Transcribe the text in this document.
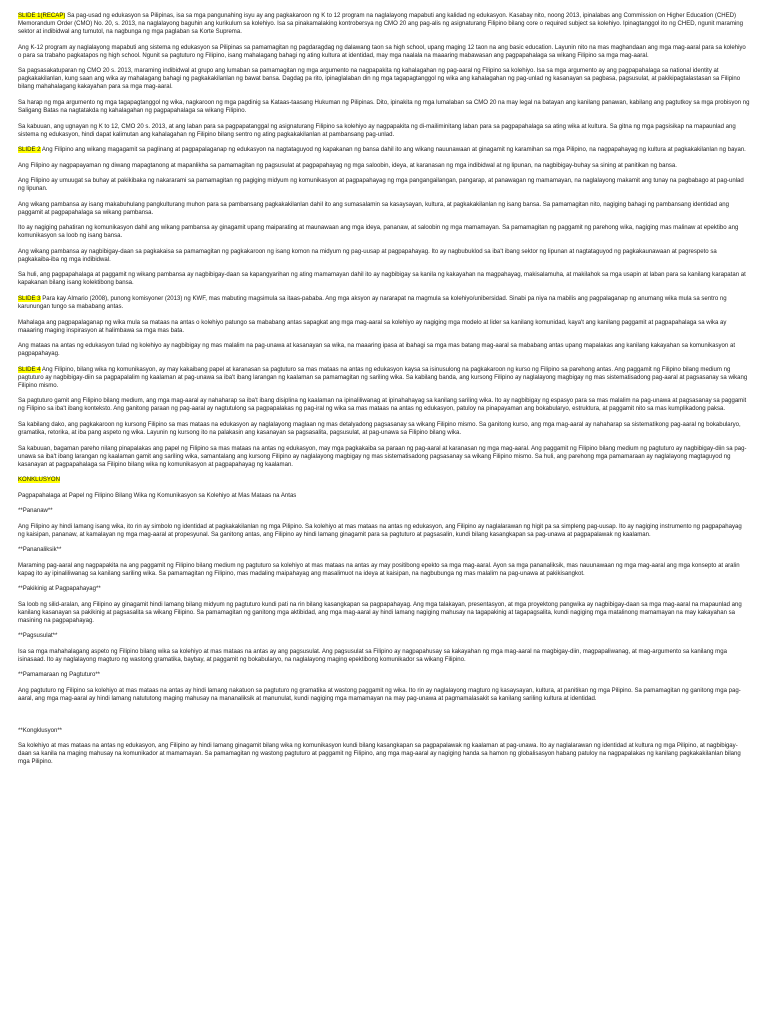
SLIDE 1(RECAP) Sa pag-usad ng edukasyon sa Pilipinas, isa sa mga pangunahing isyu ay ang pagkakaroon ng K to 12 program na naglalayong mapabuti ang kalidad ng edukasyon. Kasabay nito, noong 2013, ipinalabas ang Commission on Higher Education (CHED) Memorandum Order (CMO) No. 20, s. 2013, na naglalayong baguhin ang kurikulum sa kolehiyo. Isa sa pinakamalaking kontrobersya ng CMO 20 ang pag-alis ng asignaturang Filipino bilang core o required subject sa kolehiyo. Ipinagtanggol ito ng CHED, ngunit maraming sektor at indibidwal ang tumutol, na nagbunga ng mga paglaban sa Korte Suprema.

Ang K-12 program ay naglalayong mapabuti ang sistema ng edukasyon sa Pilipinas sa pamamagitan ng pagdaragdag ng dalawang taon sa high school, upang maging 12 taon na ang basic education. Layunin nito na mas maghandaan ang mga mag-aaral para sa kolehiyo o para sa trabaho pagkatapos ng high school. Ngunit sa pagtuturo ng Filipino, isang mahalagang bahagi ng ating kultura at identidad, may mga naalala na maaaring mabawasan ang pagpapahalaga sa wikang Filipino sa mga mag-aaral.

Sa pagsasakatuparan ng CMO 20 s. 2013, maraming indibidwal at grupo ang lumaban sa pamamagitan ng mga argumento na nagpapakita ng kahalagahan ng pag-aaral ng Filipino sa kolehiyo. Isa sa mga argumento ay ang pagpapahalaga sa national identity at pagkakakilanlan, kung saan ang wika ay mahalagang bahagi ng pagkakakilanlan ng bawat bansa. Dagdag pa rito, ipinaglalaban din ng mga tagapagtanggol ng wika ang kahalagahan ng pag-unlad ng kasanayan sa pagbasa, pagsusulat, at pakikipagtalastasan sa Filipino bilang mahahalagang kakayahan para sa mga mag-aaral.

Sa harap ng mga argumento ng mga tagapagtanggol ng wika, nagkaroon ng mga pagdinig sa Kataas-taasang Hukuman ng Pilipinas. Dito, ipinakita ng mga lumalaban sa CMO 20 na may legal na batayan ang kanilang panawan, kabilang ang pagtutkoy sa mga probisyon ng Saligang Batas na nagtatakda ng kahalagahan ng pagpapahalaga sa wikang Filipino.

Sa kabuuan, ang ugnayan ng K to 12, CMO 20 s. 2013, at ang laban para sa pagpapatanggal ng asignaturang Filipino sa kolehiyo ay nagpapakita ng di-mailiminitang laban para sa pagpapahalaga sa ating wika at kultura. Sa gitna ng mga pagsisikap na mapaunlad ang sistema ng edukasyon, hindi dapat kalimutan ang kahalagahan ng Filipino bilang sentro ng ating pagkakakilanlan at pambansang pag-unlad.

SLIDE 2 Ang Filipino ang wikang magagamit sa paglinang at pagpapalaganap ng edukasyon na nagtataguyod ng kapakanan ng bansa dahil ito ang wikang nauunawaan at ginagamit ng karamihan sa mga Pilipino, na nagpapahayag ng kultura at pagkakakilanlan ng bayan.

Ang Filipino ay nagpapayaman ng diwang mapagtanong at mapanlikha sa pamamagitan ng pagsusulat at pagpapahayag ng mga saloobin, ideya, at karanasan ng mga indibidwal at ng lipunan, na nagbibigay-buhay sa sining at panitikan ng bansa.

Ang Filipino ay umuugat sa buhay at pakikibaka ng nakararami sa pamamagitan ng pagiging midyum ng komunikasyon at pagpapahayag ng mga pangangailangan, pangarap, at panawagan ng mamamayan, na naglalayong makamit ang tunay na pagbabago at pag-unlad ng lipunan.

Ang wikang pambansa ay isang makabuhulang pangkulturang muhon para sa pambansang pagkakakilanlan dahil ito ang sumasalamin sa kasaysayan, kultura, at pagkakakilanlan ng isang bansa. Sa pamamagitan nito, nagiging bahagi ng pambansang identidad ang paggamit at pagpapahalaga sa wikang pambansa.

Ito ay nagiging pahatiran ng komunikasyon dahil ang wikang pambansa ay ginagamit upang maiparating at maunawaan ang mga ideya, pananaw, at saloobin ng mga mamamayan. Sa pamamagitan ng paggamit ng parehong wika, nagiging mas malinaw at epektibo ang komunikasyon sa loob ng isang bansa.

Ang wikang pambansa ay nagbibigay-daan sa pagkakaisa sa pamamagitan ng pagkakaroon ng isang komon na midyum ng pag-uusap at pagpapahayag. Ito ay nagbubuklod sa iba't ibang sektor ng lipunan at nagtataguyod ng pagkakaunawaan at pagrespeto sa pagkakaiba-iba ng mga indibidwal.

Sa huli, ang pagpapahalaga at paggamit ng wikang pambansa ay nagbibigay-daan sa kapangyarihan ng ating mamamayan dahil ito ay nagbibigay sa kanila ng kakayahan na magpahayag, makisalamuha, at makilahok sa mga usapin at laban para sa kanilang karapatan at kapakanan bilang isang kolektibong bansa.

SLIDE 3 Para kay Almario (2008), punong komisyoner (2013) ng KWF, mas mabuting magsimula sa itaas-pababa. Ang mga aksyon ay nararapat na magmula sa kolehiyo/unibersidad. Sinabi pa niya na mabilis ang pagpalaganap ng anumang wika mula sa sentro ng karunungan tungo sa mababang antas.

Mahalaga ang pagpapalaganap ng wika mula sa mataas na antas o kolehiyo patungo sa mababang antas sapagkat ang mga mag-aaral sa kolehiyo ay nagiging mga modelo at lider sa kanilang komunidad, kaya't ang kanilang paggamit at pagpapahalaga sa wika ay maaaring maging inspirasyon at halimbawa sa mga mas bata.

Ang mataas na antas ng edukasyon tulad ng kolehiyo ay nagbibigay ng mas malalim na pag-unawa at kasanayan sa wika, na maaaring ipasa at ibahagi sa mga mas batang mag-aaral sa mababang antas upang mapalakas ang kanilang kakayahan sa komunikasyon at pagpapahayag.

SLIDE 4 Ang Filipino, bilang wika ng komunikasyon, ay may kakaibang papel at karanasan sa pagtuturo sa mas mataas na antas ng edukasyon kaysa sa isinusulong na pagkakaroon ng kurso ng Filipino sa parehong antas. Ang paggamit ng Filipino bilang medium ng pagtuturo ay nagbibigay-diin sa pagpapalalim ng kaalaman at pag-unawa sa iba't ibang larangan ng kaalaman sa pamamagitan ng sariling wika. Sa kabilang banda, ang kursong Filipino ay naglalayong magbigay ng mas sistematisadong pag-aaral at pagsasanay sa wikang Filipino mismo.

Sa pagtuturo gamit ang Filipino bilang medium, ang mga mag-aaral ay nahaharap sa iba't ibang disiplina ng kaalaman na ipinaliliwanag at ipinahahayag sa kanilang sariling wika. Ito ay nagbibigay ng espasyo para sa mas malalim na pag-unawa at pagsasanay sa paggamit ng Filipino sa iba't ibang konteksto. Ang ganitong paraan ng pag-aaral ay nagtutulong sa pagpapalakas ng pag-iral ng wika sa mas mataas na antas ng edukasyon, patuloy na pinapayaman ang bokabularyo, estruktura, at paggamit nito sa mas kumplikadong paksa.

Sa kabilang dako, ang pagkakaroon ng kursong Filipino sa mas mataas na edukasyon ay naglalayong maglaan ng mas detalyadong pagsasanay sa wikang Filipino mismo. Sa ganitong kurso, ang mga mag-aaral ay nahaharap sa sistematikong pag-aaral ng bokabularyo, gramatika, retorika, at iba pang aspeto ng wika. Layunin ng kursong ito na palakasin ang kasanayan sa pagsasalita, pagsusulat, at pag-unawa sa Filipino bilang wika.

Sa kabuuan, bagaman pareho nilang pinapalakas ang papel ng Filipino sa mas mataas na antas ng edukasyon, may mga pagkakaiba sa paraan ng pag-aaral at karanasan ng mga mag-aaral. Ang paggamit ng Filipino bilang medium ng pagtuturo ay nagbibigay-diin sa pag-unawa sa iba't ibang larangan ng kaalaman gamit ang sariling wika, samantalang ang kursong Filipino ay naglalayong magbigay ng mas sistematisadong pagsasanay sa wikang Filipino mismo. Sa huli, ang parehong mga pamamaraan ay naglalayong magtaguyod ng kasanayan at pagpapahalaga sa Filipino bilang wika ng komunikasyon at pagpapahayag ng kaalaman.

KONKLUSYON

Pagpapahalaga at Papel ng Filipino Bilang Wika ng Komunikasyon sa Kolehiyo at Mas Mataas na Antas

**Pananaw**

Ang Filipino ay hindi lamang isang wika, ito rin ay simbolo ng identidad at pagkakakilanlan ng mga Pilipino. Sa kolehiyo at mas mataas na antas ng edukasyon, ang Filipino ay naglalarawan ng higit pa sa simpleng pag-uusap. Ito ay nagiging instrumento ng pagpapahayag ng kaisipan, pananaw, at kamalayan ng mga mag-aaral at propesyunal. Sa ganitong antas, ang Filipino ay hindi lamang ginagamit para sa pagtuturo at pagsasalin, kundi bilang kasangkapan sa pag-unawa at pagpapalawak ng kaalaman.

**Pananaliksik**

Maraming pag-aaral ang nagpapakita na ang paggamit ng Filipino bilang medium ng pagtuturo sa kolehiyo at mas mataas na antas ay may positibong epekto sa mga mag-aaral. Ayon sa mga pananaliksik, mas nauunawaan ng mga mag-aaral ang mga konsepto at aralin kapag ito ay ipinaliliwanag sa kanilang sariling wika. Sa pamamagitan ng Filipino, mas madaling maipahayag ang masalimuot na ideya at kaisipan, na nagbubunga ng mas malalim na pag-unawa at pakikisangkot.

**Pakikinig at Pagpapahayag**

Sa loob ng silid-aralan, ang Filipino ay ginagamit hindi lamang bilang midyum ng pagtuturo kundi pati na rin bilang kasangkapan sa pagpapahayag. Ang mga talakayan, presentasyon, at mga proyektong pangwika ay nagbibigay-daan sa mga mag-aaral na mapaunlad ang kanilang kasanayan sa pakikinig at pagsasalita sa wikang Filipino. Sa pamamagitan ng ganitong mga aktibidad, ang mga mag-aaral ay hindi lamang nagiging mahusay na tagapakinig at tagapagsalita, kundi nagiging mga matalinong mamamayan na may kakayahan sa masining na pagpapahayag.

**Pagsusulat**

Isa sa mga mahahalagang aspeto ng Filipino bilang wika sa kolehiyo at mas mataas na antas ay ang pagsusulat. Ang pagsusulat sa Filipino ay nagpapahusay sa kakayahan ng mga mag-aaral na magbigay-diin, magpapaliwanag, at mag-argumento sa kanilang mga isinasaad. Ito ay naglalayong magturo ng wastong gramatika, baybay, at paggamit ng bokabularyo, na naglalayong maging epektibong komunikador sa wikang Filipino.

**Pamamaraan ng Pagtuturo**

Ang pagtuturo ng Filipino sa kolehiyo at mas mataas na antas ay hindi lamang nakatuon sa pagtuturo ng gramatika at wastong paggamit ng wika. Ito rin ay naglalayong magturo ng kasaysayan, kultura, at panitikan ng mga Pilipino. Sa pamamagitan ng ganitong mga pag-aaral, ang mga mag-aaral ay hindi lamang natututong maging mahusay na mananaliksik at manunulat, kundi nagiging mga mamamayan na may pag-unawa at pagmamalasakit sa kanilang sariling kultura at identidad.

**Kongklusyon**

Sa kolehiyo at mas mataas na antas ng edukasyon, ang Filipino ay hindi lamang ginagamit bilang wika ng komunikasyon kundi bilang kasangkapan sa pagpapalawak ng kaalaman at pag-unawa. Ito ay naglalarawan ng identidad at kultura ng mga Pilipino, at nagbibigay-daan sa kanila na maging mahusay na komunikador at mamamayan. Sa pamamagitan ng wastong pagtuturo at paggamit ng Filipino, ang mga mag-aaral ay nagiging handa sa hamon ng globalisasyon habang patuloy na nagpapalakas ng kanilang pagkakakilanlan bilang mga Pilipino.
